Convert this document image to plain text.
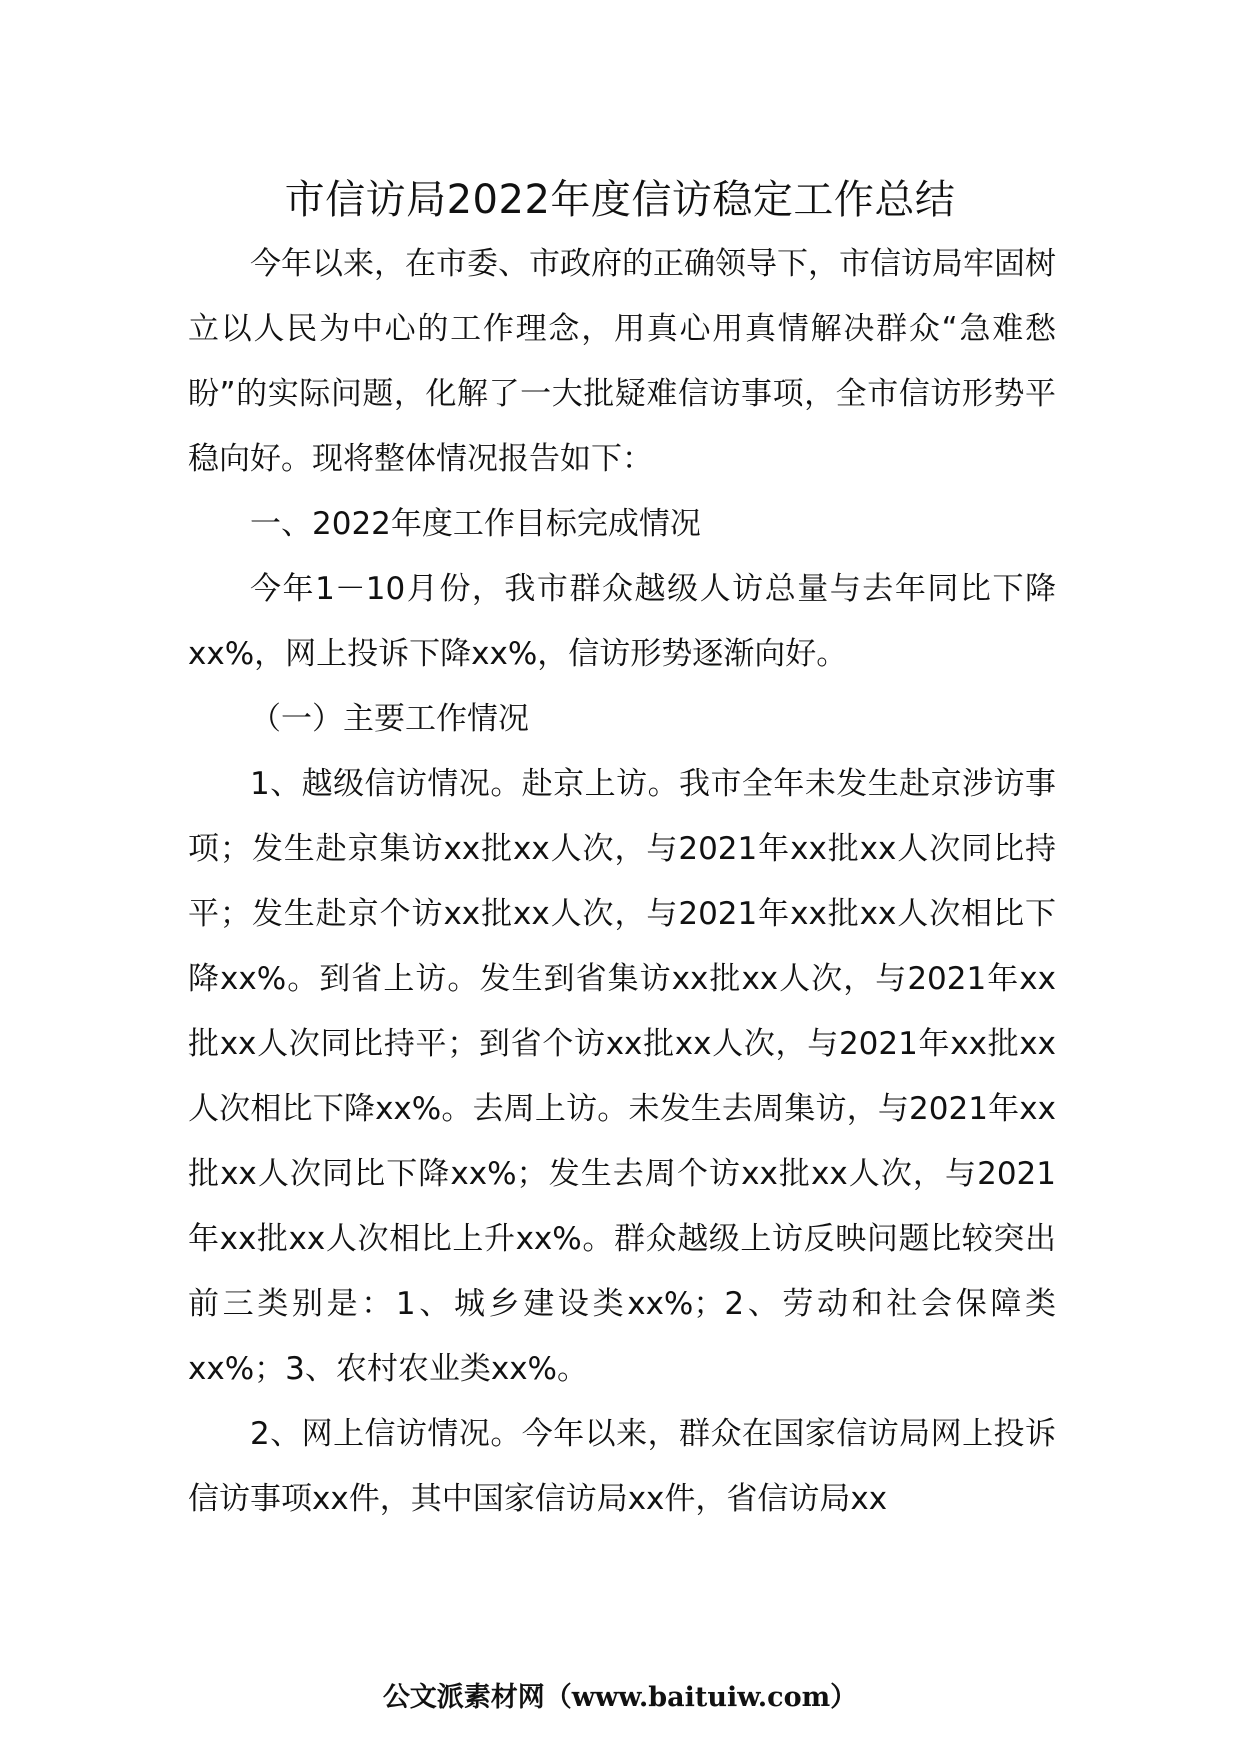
市信访局2022年度信访稳定工作总结

今年以来，在市委、市政府的正确领导下，市信访局牢固树立以人民为中心的工作理念，用真心用真情解决群众“急难愁盼”的实际问题，化解了一大批疑难信访事项，全市信访形势平稳向好。现将整体情况报告如下：

一、2022年度工作目标完成情况

今年1－10月份，我市群众越级人访总量与去年同比下降xx%，网上投诉下降xx%，信访形势逐渐向好。

（一）主要工作情况

1、越级信访情况。赴京上访。我市全年未发生赴京涉访事项；发生赴京集访xx批xx人次，与2021年xx批xx人次同比持平；发生赴京个访xx批xx人次，与2021年xx批xx人次相比下降xx%。到省上访。发生到省集访xx批xx人次，与2021年xx批xx人次同比持平；到省个访xx批xx人次，与2021年xx批xx人次相比下降xx%。去周上访。未发生去周集访，与2021年xx批xx人次同比下降xx%；发生去周个访xx批xx人次，与2021年xx批xx人次相比上升xx%。群众越级上访反映问题比较突出前三类别是：1、城乡建设类xx%；2、劳动和社会保障类xx%；3、农村农业类xx%。

2、网上信访情况。今年以来，群众在国家信访局网上投诉信访事项xx件，其中国家信访局xx件，省信访局xx

公文派素材网（www.baituiw.com）
